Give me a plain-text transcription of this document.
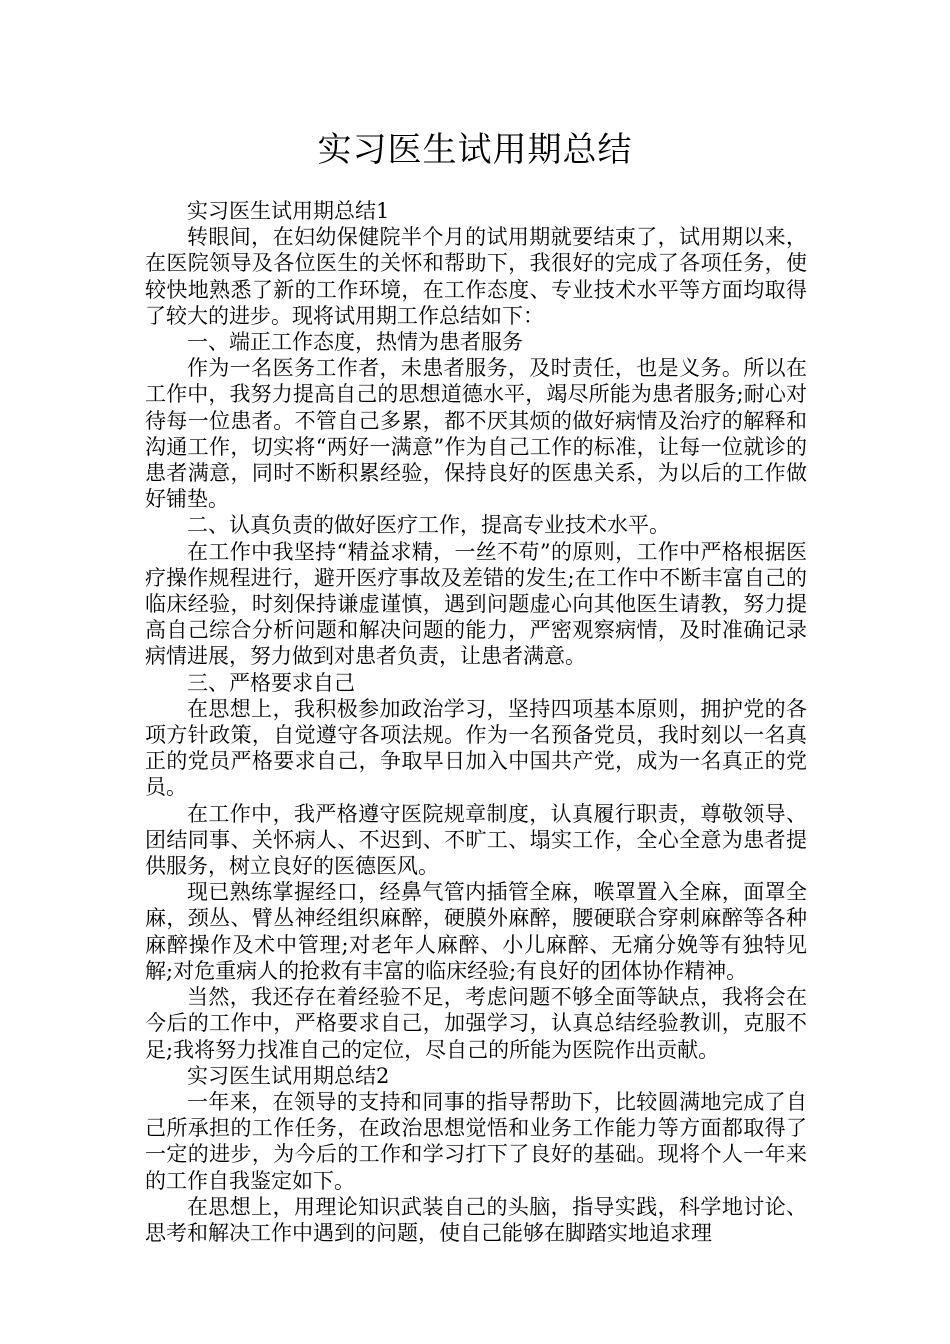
实习医生试用期总结

实习医生试用期总结1

转眼间，在妇幼保健院半个月的试用期就要结束了，试用期以来，在医院领导及各位医生的关怀和帮助下，我很好的完成了各项任务，使较快地熟悉了新的工作环境，在工作态度、专业技术水平等方面均取得了较大的进步。现将试用期工作总结如下：

一、端正工作态度，热情为患者服务

作为一名医务工作者，未患者服务，及时责任，也是义务。所以在工作中，我努力提高自己的思想道德水平，竭尽所能为患者服务;耐心对待每一位患者。不管自己多累，都不厌其烦的做好病情及治疗的解释和沟通工作，切实将“两好一满意”作为自己工作的标准，让每一位就诊的患者满意，同时不断积累经验，保持良好的医患关系，为以后的工作做好铺垫。

二、认真负责的做好医疗工作，提高专业技术水平。

在工作中我坚持“精益求精，一丝不苟”的原则，工作中严格根据医疗操作规程进行，避开医疗事故及差错的发生;在工作中不断丰富自己的临床经验，时刻保持谦虚谨慎，遇到问题虚心向其他医生请教，努力提高自己综合分析问题和解决问题的能力，严密观察病情，及时准确记录病情进展，努力做到对患者负责，让患者满意。

三、严格要求自己

在思想上，我积极参加政治学习，坚持四项基本原则，拥护党的各项方针政策，自觉遵守各项法规。作为一名预备党员，我时刻以一名真正的党员严格要求自己，争取早日加入中国共产党，成为一名真正的党员。

在工作中，我严格遵守医院规章制度，认真履行职责，尊敬领导、团结同事、关怀病人、不迟到、不旷工、塌实工作，全心全意为患者提供服务，树立良好的医德医风。

现已熟练掌握经口，经鼻气管内插管全麻，喉罩置入全麻，面罩全麻，颈丛、臂丛神经组织麻醉，硬膜外麻醉，腰硬联合穿刺麻醉等各种麻醉操作及术中管理;对老年人麻醉、小儿麻醉、无痛分娩等有独特见解;对危重病人的抢救有丰富的临床经验;有良好的团体协作精神。

当然，我还存在着经验不足，考虑问题不够全面等缺点，我将会在今后的工作中，严格要求自己，加强学习，认真总结经验教训，克服不足;我将努力找准自己的定位，尽自己的所能为医院作出贡献。

实习医生试用期总结2

一年来，在领导的支持和同事的指导帮助下，比较圆满地完成了自己所承担的工作任务，在政治思想觉悟和业务工作能力等方面都取得了一定的进步，为今后的工作和学习打下了良好的基础。现将个人一年来的工作自我鉴定如下。

在思想上，用理论知识武装自己的头脑，指导实践，科学地讨论、思考和解决工作中遇到的问题，使自己能够在脚踏实地追求理
